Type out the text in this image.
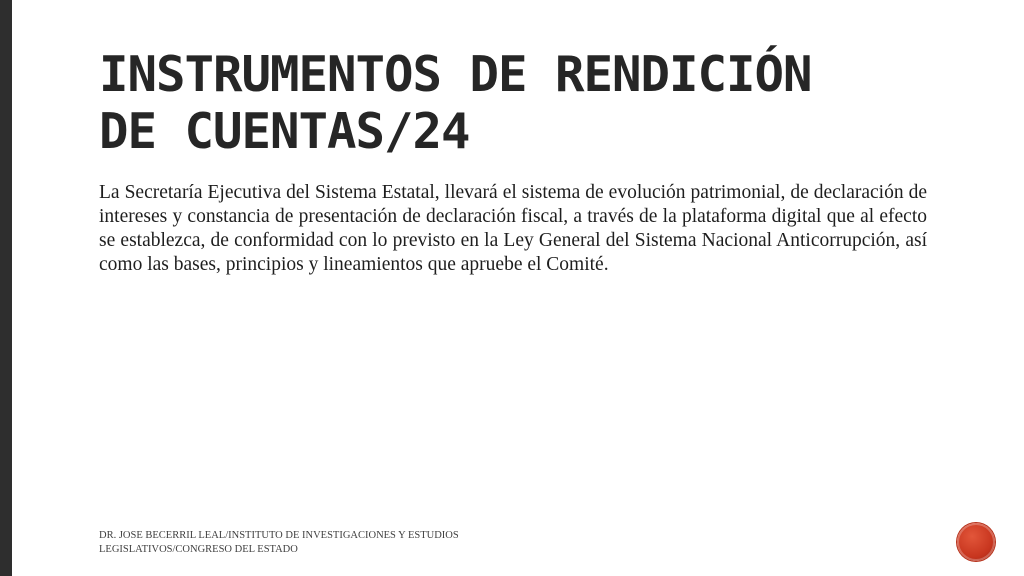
INSTRUMENTOS DE RENDICIÓN DE CUENTAS/24

La Secretaría Ejecutiva del Sistema Estatal, llevará el sistema de evolución patrimonial, de declaración de intereses y constancia de presentación de declaración fiscal, a través de la plataforma digital que al efecto se establezca, de conformidad con lo previsto en la Ley General del Sistema Nacional Anticorrupción, así como las bases, principios y lineamientos que apruebe el Comité.

DR. JOSE BECERRIL LEAL/INSTITUTO DE INVESTIGACIONES Y ESTUDIOS LEGISLATIVOS/CONGRESO DEL ESTADO
